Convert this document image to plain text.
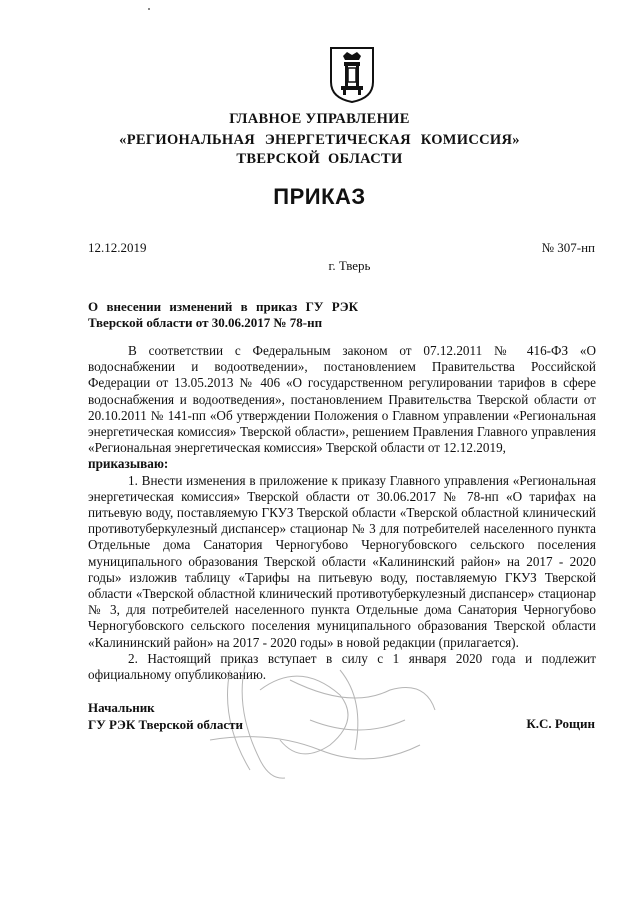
ГЛАВНОЕ УПРАВЛЕНИЕ
«РЕГИОНАЛЬНАЯ ЭНЕРГЕТИЧЕСКАЯ КОМИССИЯ»
ТВЕРСКОЙ ОБЛАСТИ
ПРИКАЗ
12.12.2019	№ 307-нп
г. Тверь
О внесении изменений в приказ ГУ РЭК
Тверской области от 30.06.2017 № 78-нп

В соответствии с Федеральным законом от 07.12.2011 № 416-ФЗ «О водоснабжении и водоотведении», постановлением Правительства Российской Федерации от 13.05.2013 № 406 «О государственном регулировании тарифов в сфере водоснабжения и водоотведения», постановлением Правительства Тверской области от 20.10.2011 № 141-пп «Об утверждении Положения о Главном управлении «Региональная энергетическая комиссия» Тверской области», решением Правления Главного управления «Региональная энергетическая комиссия» Тверской области от 12.12.2019,

приказываю:

1. Внести изменения в приложение к приказу Главного управления «Региональная энергетическая комиссия» Тверской области от 30.06.2017 № 78-нп «О тарифах на питьевую воду, поставляемую ГКУЗ Тверской области «Тверской областной клинический противотуберкулезный диспансер» стационар № 3 для потребителей населенного пункта Отдельные дома Санатория Черногубово Черногубовского сельского поселения муниципального образования Тверской области «Калининский район» на 2017 - 2020 годы» изложив таблицу «Тарифы на питьевую воду, поставляемую ГКУЗ Тверской области «Тверской областной клинический противотуберкулезный диспансер» стационар № 3, для потребителей населенного пункта Отдельные дома Санатория Черногубово Черногубовского сельского поселения муниципального образования Тверской области «Калининский район» на 2017 - 2020 годы» в новой редакции (прилагается).

2. Настоящий приказ вступает в силу с 1 января 2020 года и подлежит официальному опубликованию.

Начальник
ГУ РЭК Тверской области	К.С. Рощин
